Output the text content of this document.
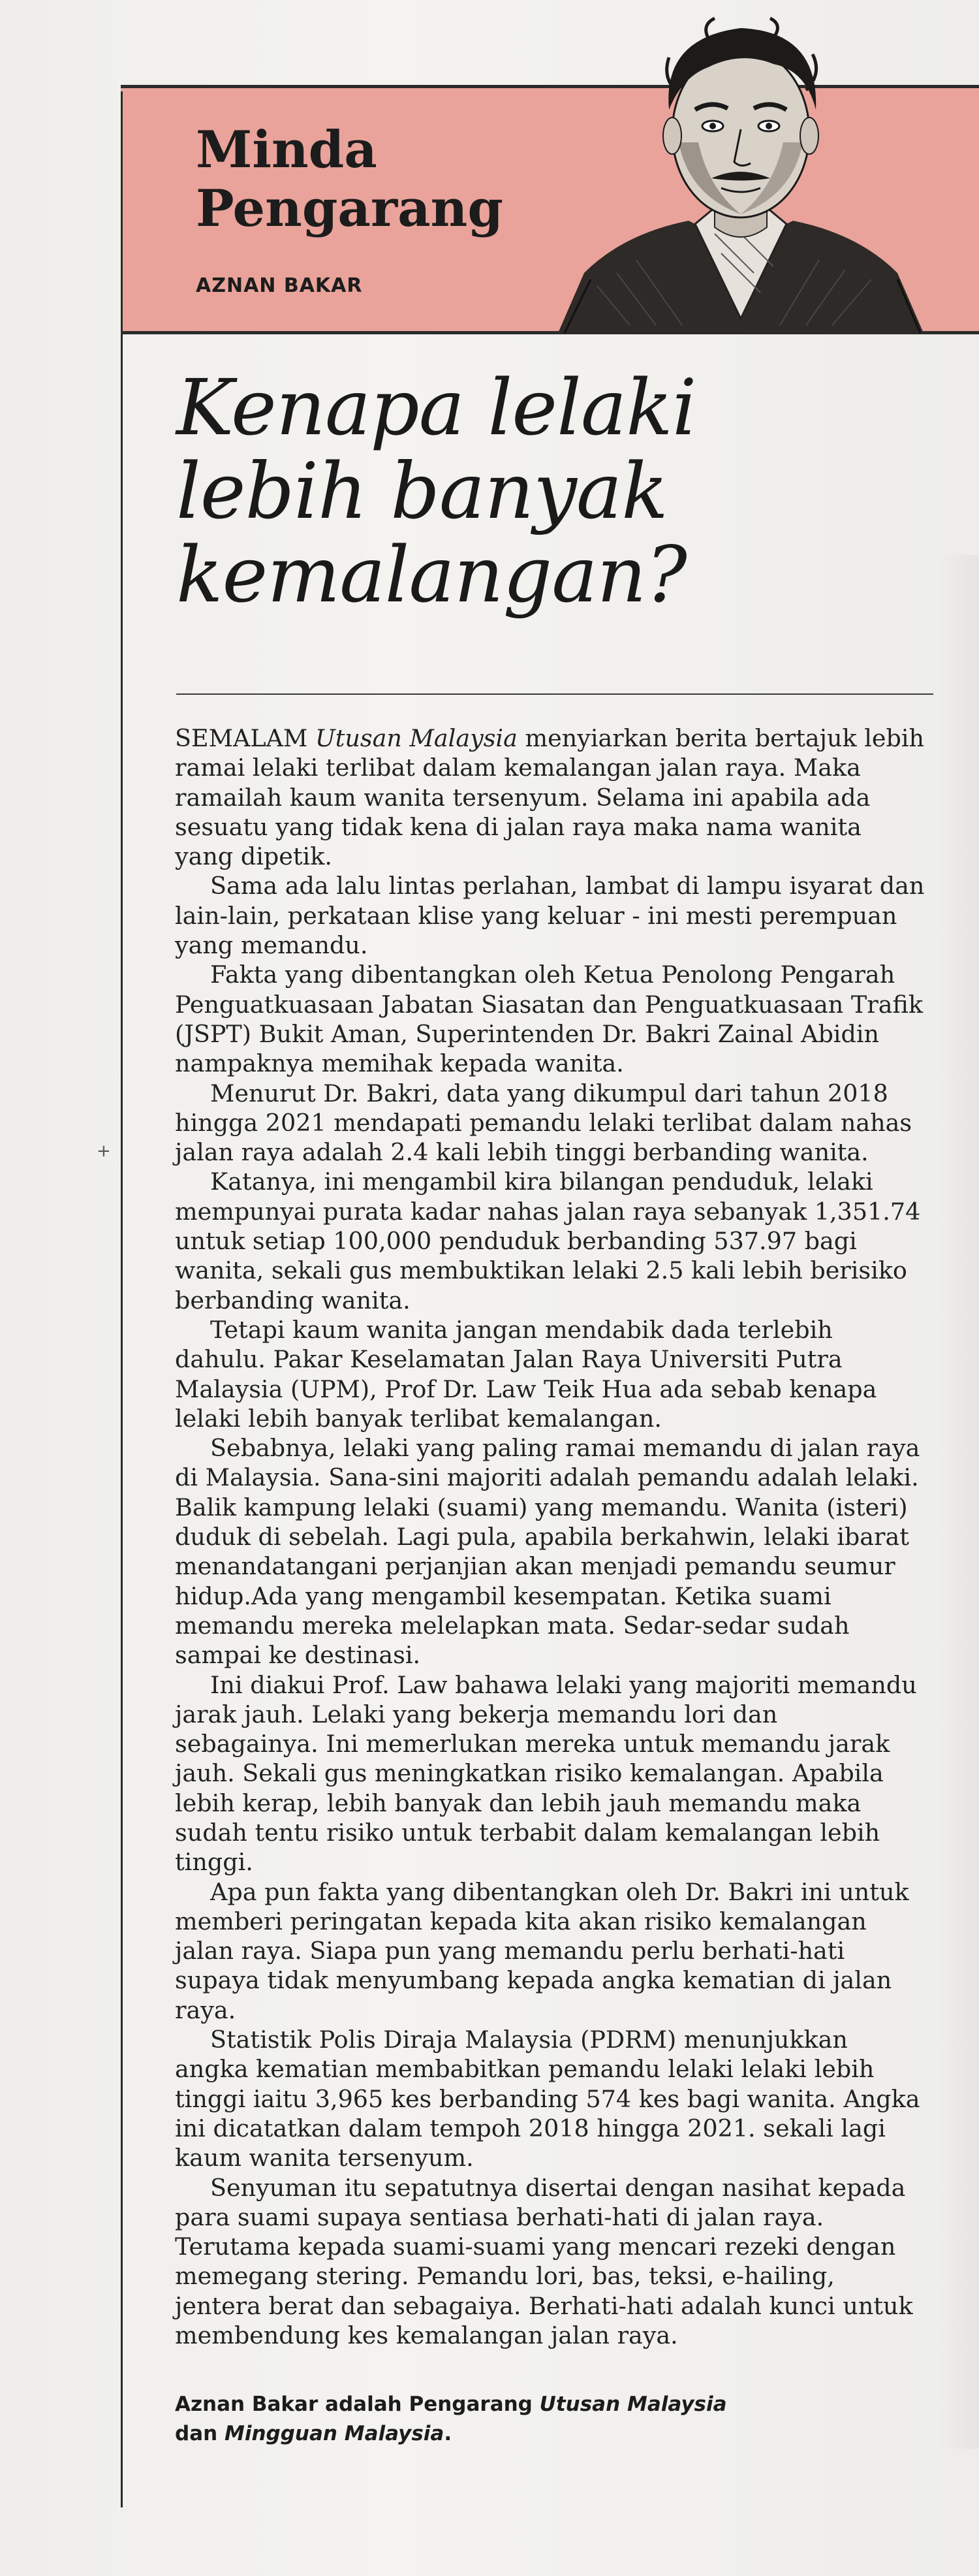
Minda
Pengarang
AZNAN BAKAR
+
Kenapa lelaki
lebih banyak
kemalangan?

SEMALAM Utusan Malaysia menyiarkan berita bertajuk lebih ramai lelaki terlibat dalam kemalangan jalan raya. Maka ramailah kaum wanita tersenyum. Selama ini apabila ada sesuatu yang tidak kena di jalan raya maka nama wanita yang dipetik.

Sama ada lalu lintas perlahan, lambat di lampu isyarat dan lain-lain, perkataan klise yang keluar - ini mesti perempuan yang memandu.

Fakta yang dibentangkan oleh Ketua Penolong Pengarah Penguatkuasaan Jabatan Siasatan dan Penguatkuasaan Trafik (JSPT) Bukit Aman, Superintenden Dr. Bakri Zainal Abidin nampaknya memihak kepada wanita.

Menurut Dr. Bakri, data yang dikumpul dari tahun 2018 hingga 2021 mendapati pemandu lelaki terlibat dalam nahas jalan raya adalah 2.4 kali lebih tinggi berbanding wanita.

Katanya, ini mengambil kira bilangan penduduk, lelaki mempunyai purata kadar nahas jalan raya sebanyak 1,351.74 untuk setiap 100,000 penduduk berbanding 537.97 bagi wanita, sekali gus membuktikan lelaki 2.5 kali lebih berisiko berbanding wanita.

Tetapi kaum wanita jangan mendabik dada terlebih dahulu. Pakar Keselamatan Jalan Raya Universiti Putra Malaysia (UPM), Prof Dr. Law Teik Hua ada sebab kenapa lelaki lebih banyak terlibat kemalangan.

Sebabnya, lelaki yang paling ramai memandu di jalan raya di Malaysia. Sana-sini majoriti adalah pemandu adalah lelaki. Balik kampung lelaki (suami) yang memandu. Wanita (isteri) duduk di sebelah. Lagi pula, apabila berkahwin, lelaki ibarat menandatangani perjanjian akan menjadi pemandu seumur hidup.Ada yang mengambil kesempatan. Ketika suami memandu mereka melelapkan mata. Sedar-sedar sudah sampai ke destinasi.

Ini diakui Prof. Law bahawa lelaki yang majoriti memandu jarak jauh. Lelaki yang bekerja memandu lori dan sebagainya. Ini memerlukan mereka untuk memandu jarak jauh. Sekali gus meningkatkan risiko kemalangan. Apabila lebih kerap, lebih banyak dan lebih jauh memandu maka sudah tentu risiko untuk terbabit dalam kemalangan lebih tinggi.

Apa pun fakta yang dibentangkan oleh Dr. Bakri ini untuk memberi peringatan kepada kita akan risiko kemalangan jalan raya. Siapa pun yang memandu perlu berhati-hati supaya tidak menyumbang kepada angka kematian di jalan raya.

Statistik Polis Diraja Malaysia (PDRM) menunjukkan angka kematian membabitkan pemandu lelaki lelaki lebih tinggi iaitu 3,965 kes berbanding 574 kes bagi wanita. Angka ini dicatatkan dalam tempoh 2018 hingga 2021. sekali lagi kaum wanita tersenyum.

Senyuman itu sepatutnya disertai dengan nasihat kepada para suami supaya sentiasa berhati-hati di jalan raya. Terutama kepada suami-suami yang mencari rezeki dengan memegang stering. Pemandu lori, bas, teksi, e-hailing, jentera berat dan sebagaiya. Berhati-hati adalah kunci untuk membendung kes kemalangan jalan raya.

Aznan Bakar adalah Pengarang Utusan Malaysia
dan Mingguan Malaysia.
